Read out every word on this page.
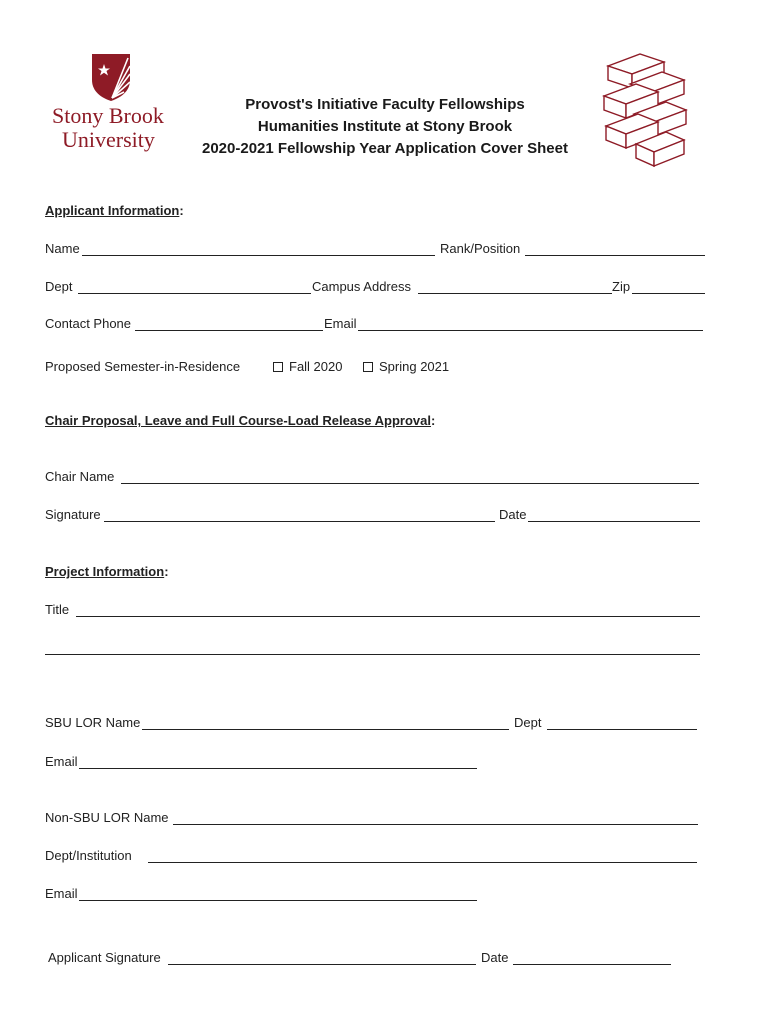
Stony Brook
University
Provost's Initiative Faculty Fellowships
Humanities Institute at Stony Brook
2020-2021 Fellowship Year Application Cover Sheet
Applicant Information:
Name	Rank/Position
Dept	Campus Address	Zip
Contact Phone	Email
Proposed Semester-in-Residence	Fall 2020	Spring 2021
Chair Proposal, Leave and Full Course-Load Release Approval:
Chair Name
Signature	Date
Project Information:
Title
SBU LOR Name	Dept
Email
Non-SBU LOR Name
Dept/Institution
Email
Applicant Signature	Date
